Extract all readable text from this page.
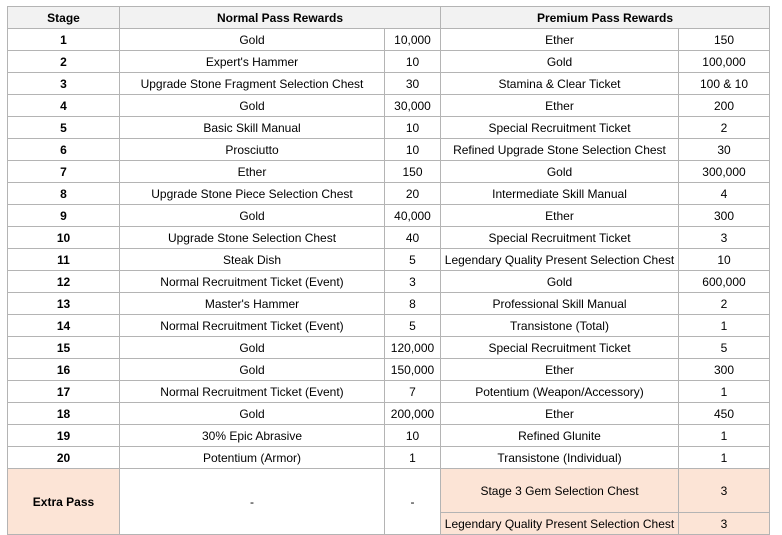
Stage	Normal Pass Rewards		Premium Pass Rewards	
1	Gold	10,000	Ether	150
2	Expert's Hammer	10	Gold	100,000
3	Upgrade Stone Fragment Selection Chest	30	Stamina & Clear Ticket	100 & 10
4	Gold	30,000	Ether	200
5	Basic Skill Manual	10	Special Recruitment Ticket	2
6	Prosciutto	10	Refined Upgrade Stone Selection Chest	30
7	Ether	150	Gold	300,000
8	Upgrade Stone Piece Selection Chest	20	Intermediate Skill Manual	4
9	Gold	40,000	Ether	300
10	Upgrade Stone Selection Chest	40	Special Recruitment Ticket	3
11	Steak Dish	5	Legendary Quality Present Selection Chest	10
12	Normal Recruitment Ticket (Event)	3	Gold	600,000
13	Master's Hammer	8	Professional Skill Manual	2
14	Normal Recruitment Ticket (Event)	5	Transistone (Total)	1
15	Gold	120,000	Special Recruitment Ticket	5
16	Gold	150,000	Ether	300
17	Normal Recruitment Ticket (Event)	7	Potentium (Weapon/Accessory)	1
18	Gold	200,000	Ether	450
19	30% Epic Abrasive	10	Refined Glunite	1
20	Potentium (Armor)	1	Transistone (Individual)	1
Extra Pass	-	-	Stage 3 Gem Selection Chest	3
			Legendary Quality Present Selection Chest	3
